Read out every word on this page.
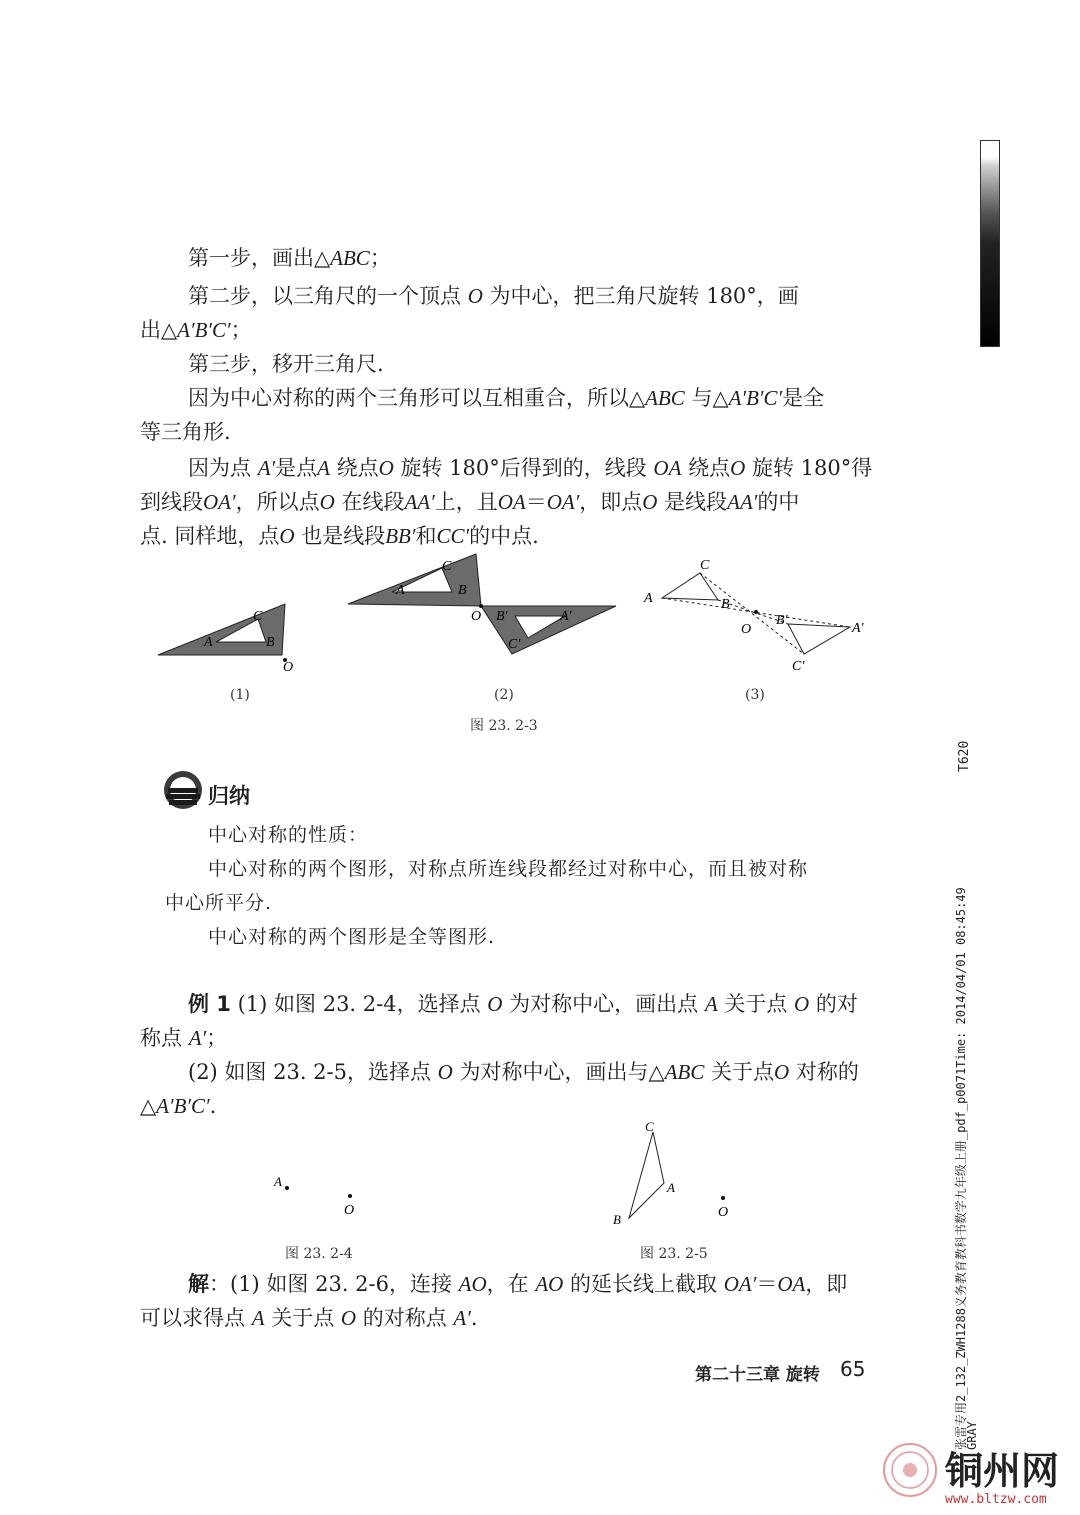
第一步，画出△ABC；
第二步，以三角尺的一个顶点 O 为中心，把三角尺旋转 180°，画
出△A′B′C′；
第三步，移开三角尺.
因为中心对称的两个三角形可以互相重合，所以△ABC 与△A′B′C′是全
等三角形.
因为点 A′是点A 绕点O 旋转 180°后得到的，线段 OA 绕点O 旋转 180°得
到线段OA′，所以点O 在线段AA′上，且OA＝OA′，即点O 是线段AA′的中
点. 同样地，点O 也是线段BB′和CC′的中点.
A
C
B
O
A
C
B
O B′	A′
C′
A
C
B
O
B′
A′
C′
(1)	(2)	(3)
图 23. 2-3
归纳
中心对称的性质：
中心对称的两个图形，对称点所连线段都经过对称中心，而且被对称
中心所平分.
中心对称的两个图形是全等图形.
例 1 (1) 如图 23. 2-4，选择点 O 为对称中心，画出点 A 关于点 O 的对
称点 A′；
(2) 如图 23. 2-5，选择点 O 为对称中心，画出与△ABC 关于点O 对称的
△A′B′C′.
A
O
C
A
B	O
图 23. 2-4	图 23. 2-5
解：(1) 如图 23. 2-6，连接 AO，在 AO 的延长线上截取 OA′＝OA，即
可以求得点 A 关于点 O 的对称点 A′.
第二十三章 旋转 65
T620
张雷专用2_132_ZWH1288义务教育教科书数学九年级上册_pdf_p0071Time: 2014/04/01 08:45:49
GRAY
铜州网
www.bltzw.com
